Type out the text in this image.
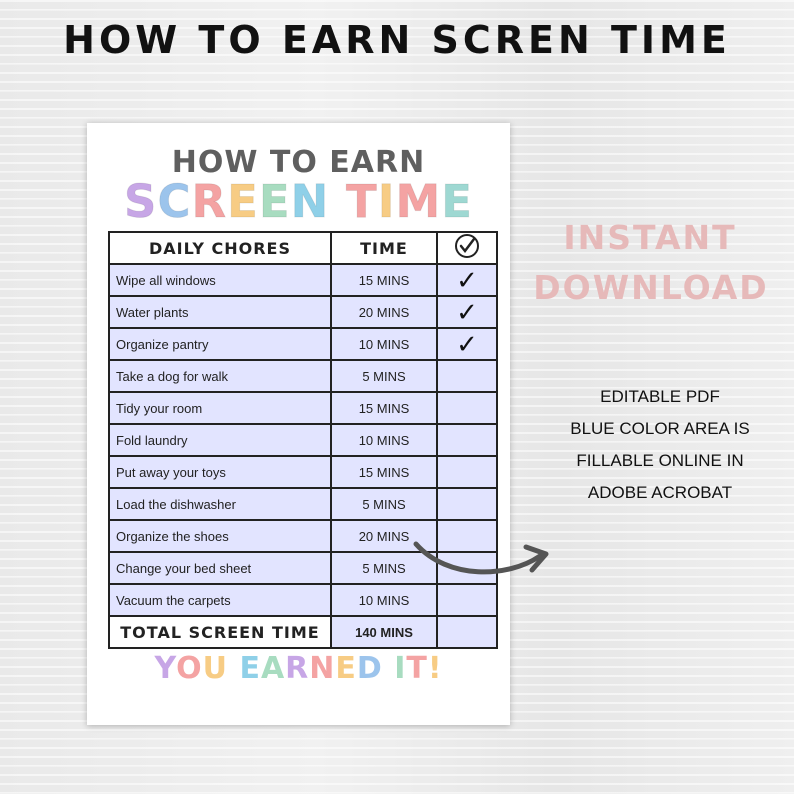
HOW TO EARN SCREN TIME
HOW TO EARN
SCREEN TIME
DAILY CHORES	TIME	
Wipe all windows	15 MINS	✓
Water plants	20 MINS	✓
Organize pantry	10 MINS	✓
Take a dog for walk	5 MINS	
Tidy your room	15 MINS	
Fold laundry	10 MINS	
Put away your toys	15 MINS	
Load the dishwasher	5 MINS	
Organize the shoes	20 MINS	
Change your bed sheet	5 MINS	
Vacuum the carpets	10 MINS	
TOTAL SCREEN TIME	140 MINS	
YOU EARNED IT!
INSTANT
DOWNLOAD
EDITABLE PDF
BLUE COLOR AREA IS
FILLABLE ONLINE IN
ADOBE ACROBAT
